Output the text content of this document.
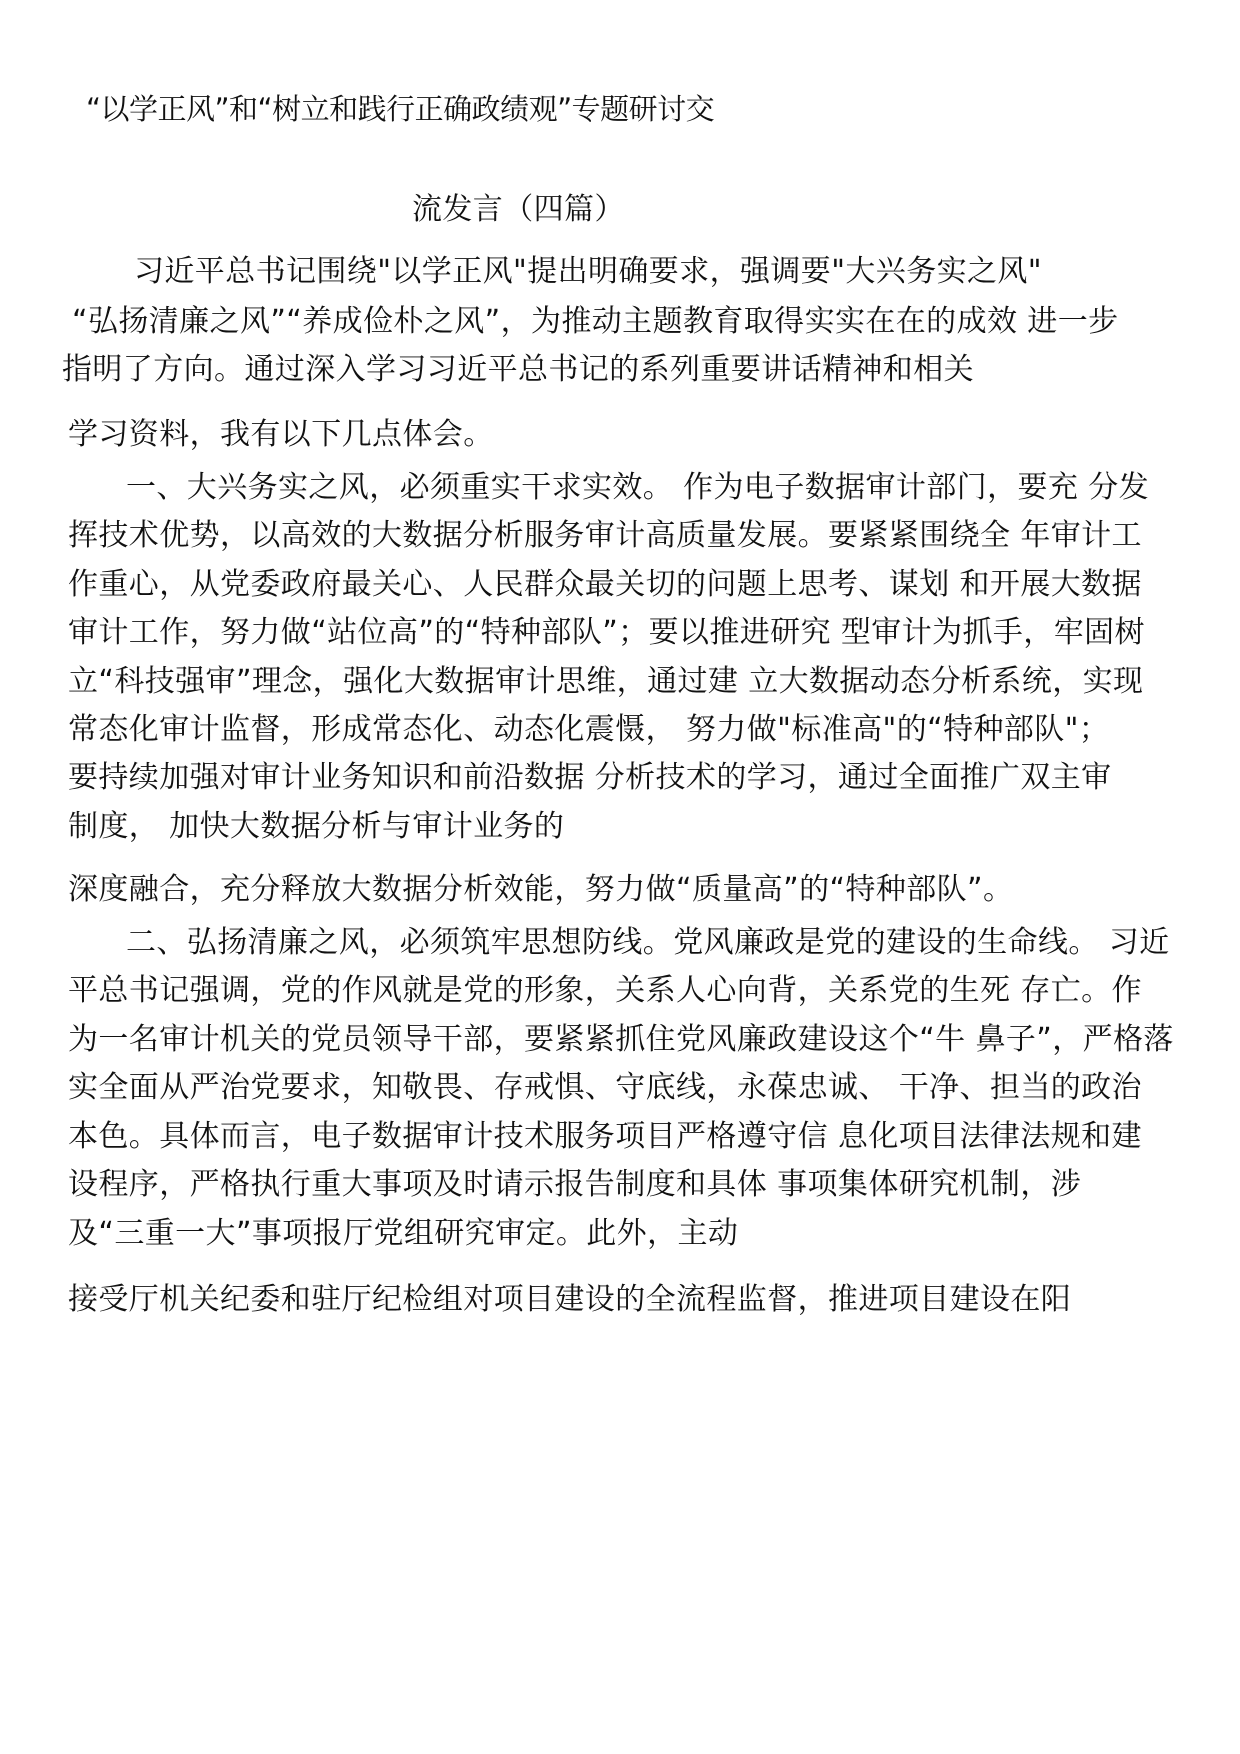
“以学正风”和“树立和践行正确政绩观”专题研讨交

流发言（四篇）

习近平总书记围绕"以学正风"提出明确要求，强调要"大兴务实之风"

“弘扬清廉之风”“养成俭朴之风”，为推动主题教育取得实实在在的成效 进一步

指明了方向。通过深入学习习近平总书记的系列重要讲话精神和相关

学习资料，我有以下几点体会。

一、大兴务实之风，必须重实干求实效。 作为电子数据审计部门，要充 分发

挥技术优势，以高效的大数据分析服务审计高质量发展。要紧紧围绕全 年审计工

作重心，从党委政府最关心、人民群众最关切的问题上思考、谋划 和开展大数据

审计工作，努力做“站位高”的“特种部队”；要以推进研究 型审计为抓手，牢固树

立“科技强审”理念，强化大数据审计思维，通过建 立大数据动态分析系统，实现

常态化审计监督，形成常态化、动态化震慑， 努力做"标准高"的“特种部队"；

要持续加强对审计业务知识和前沿数据 分析技术的学习，通过全面推广双主审

制度， 加快大数据分析与审计业务的

深度融合，充分释放大数据分析效能，努力做“质量高”的“特种部队”。

二、弘扬清廉之风，必须筑牢思想防线。党风廉政是党的建设的生命线。 习近

平总书记强调，党的作风就是党的形象，关系人心向背，关系党的生死 存亡。作

为一名审计机关的党员领导干部，要紧紧抓住党风廉政建设这个“牛 鼻子”，严格落

实全面从严治党要求，知敬畏、存戒惧、守底线，永葆忠诚、 干净、担当的政治

本色。具体而言，电子数据审计技术服务项目严格遵守信 息化项目法律法规和建

设程序，严格执行重大事项及时请示报告制度和具体 事项集体研究机制，涉

及“三重一大”事项报厅党组研究审定。此外，主动

接受厅机关纪委和驻厅纪检组对项目建设的全流程监督，推进项目建设在阳
